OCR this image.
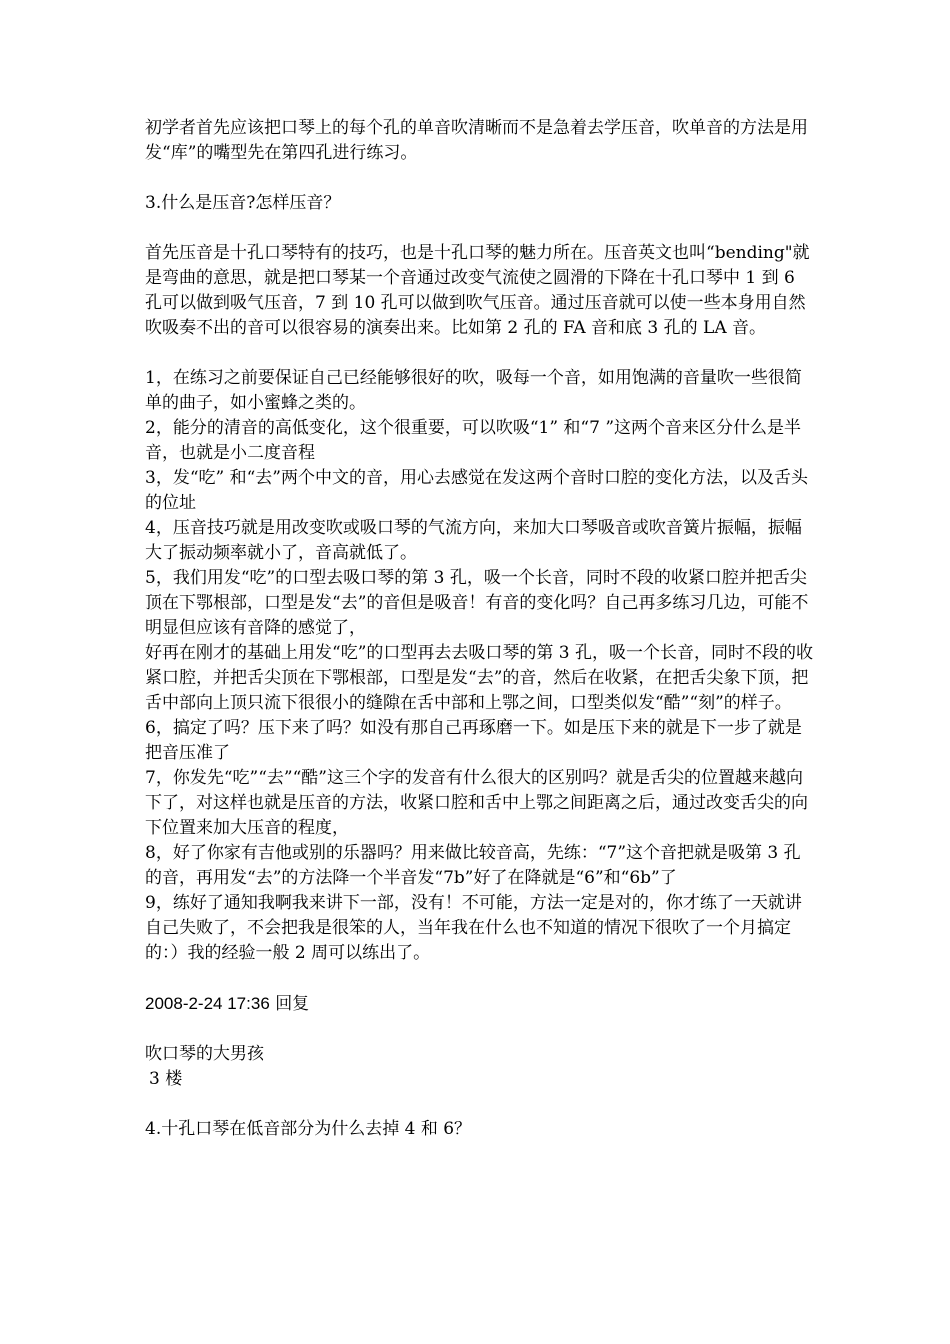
初学者首先应该把口琴上的每个孔的单音吹清晰而不是急着去学压音，吹单音的方法是用发“库”的嘴型先在第四孔进行练习。

3.什么是压音?怎样压音？

首先压音是十孔口琴特有的技巧，也是十孔口琴的魅力所在。压音英文也叫“bending"就是弯曲的意思，就是把口琴某一个音通过改变气流使之圆滑的下降在十孔口琴中 1 到 6 孔可以做到吸气压音，7 到 10 孔可以做到吹气压音。通过压音就可以使一些本身用自然吹吸奏不出的音可以很容易的演奏出来。比如第 2 孔的 FA 音和底 3 孔的 LA 音。

1，在练习之前要保证自己已经能够很好的吹，吸每一个音，如用饱满的音量吹一些很简单的曲子，如小蜜蜂之类的。

2，能分的清音的高低变化，这个很重要，可以吹吸“1” 和“7 ”这两个音来区分什么是半音，也就是小二度音程

3，发“吃” 和“去”两个中文的音，用心去感觉在发这两个音时口腔的变化方法，以及舌头的位址

4，压音技巧就是用改变吹或吸口琴的气流方向，来加大口琴吸音或吹音簧片振幅，振幅大了振动频率就小了，音高就低了。

5，我们用发“吃”的口型去吸口琴的第 3 孔，吸一个长音，同时不段的收紧口腔并把舌尖顶在下鄂根部，口型是发“去”的音但是吸音！有音的变化吗？自己再多练习几边，可能不明显但应该有音降的感觉了，

好再在刚才的基础上用发“吃”的口型再去去吸口琴的第 3 孔，吸一个长音，同时不段的收紧口腔，并把舌尖顶在下鄂根部，口型是发“去”的音，然后在收紧，在把舌尖象下顶，把舌中部向上顶只流下很很小的缝隙在舌中部和上鄂之间，口型类似发“酷”“刻”的样子。

6，搞定了吗？压下来了吗？如没有那自己再琢磨一下。如是压下来的就是下一步了就是把音压准了

7，你发先“吃”“去”“酷”这三个字的发音有什么很大的区别吗？就是舌尖的位置越来越向下了，对这样也就是压音的方法，收紧口腔和舌中上鄂之间距离之后，通过改变舌尖的向下位置来加大压音的程度，

8，好了你家有吉他或别的乐器吗？用来做比较音高，先练：“7”这个音把就是吸第 3 孔的音，再用发“去”的方法降一个半音发“7b”好了在降就是“6”和“6b”了

9，练好了通知我啊我来讲下一部，没有！不可能，方法一定是对的，你才练了一天就讲自己失败了，不会把我是很笨的人，当年我在什么也不知道的情况下很吹了一个月搞定的：）我的经验一般 2 周可以练出了。

2008-2-24 17:36 回复

吹口琴的大男孩

3 楼

4.十孔口琴在低音部分为什么去掉 4 和 6？
